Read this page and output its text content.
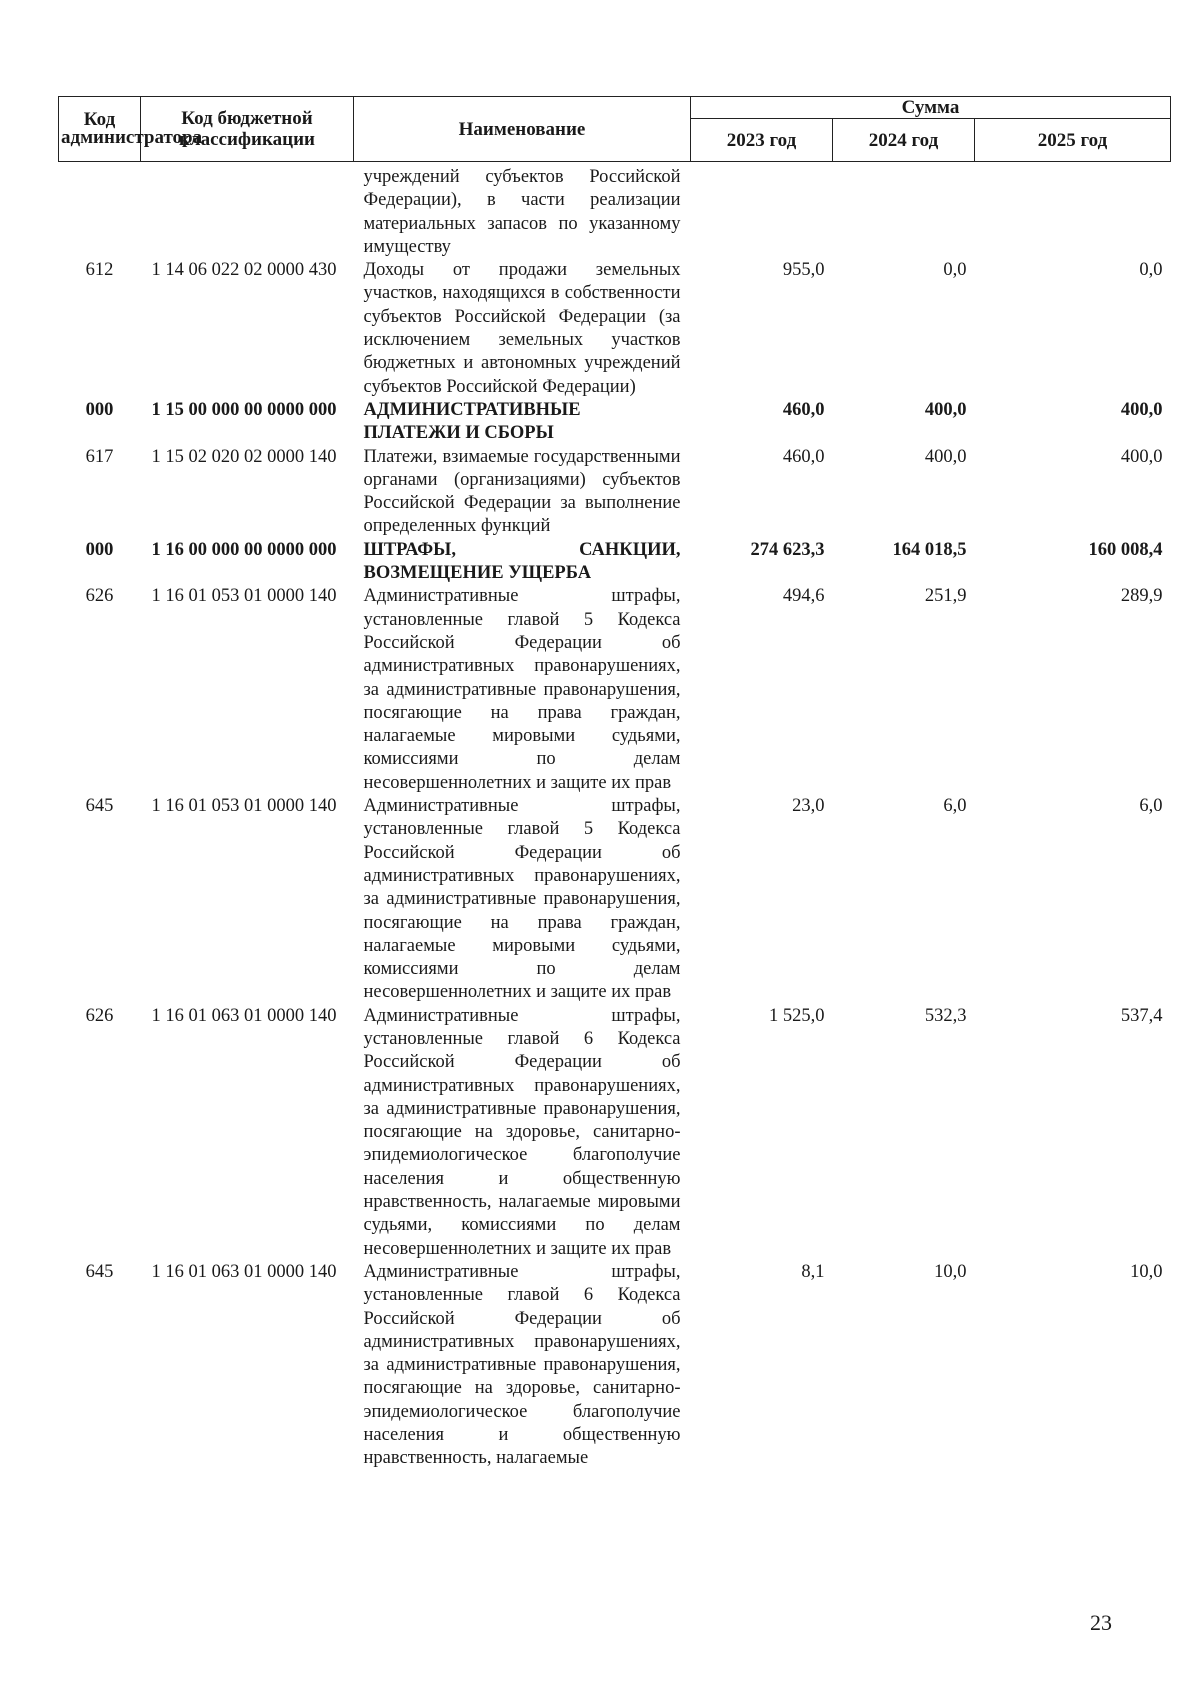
Код администратора	Код бюджетной классификации	Наименование	Сумма		
			2023 год	2024 год	2025 год
		учреждений субъектов Российской Федерации), в части реализации материальных запасов по указанному имуществу			
612	1 14 06 022 02 0000 430	Доходы от продажи земельных участков, находящихся в собственности субъектов Российской Федерации (за исключением земельных участков бюджетных и автономных учреждений субъектов Российской Федерации)	955,0	0,0	0,0
000	1 15 00 000 00 0000 000	АДМИНИСТРАТИВНЫЕ ПЛАТЕЖИ И СБОРЫ	460,0	400,0	400,0
617	1 15 02 020 02 0000 140	Платежи, взимаемые государственными органами (организациями) субъектов Российской Федерации за выполнение определенных функций	460,0	400,0	400,0
000	1 16 00 000 00 0000 000	ШТРАФЫ, САНКЦИИ, ВОЗМЕЩЕНИЕ УЩЕРБА	274 623,3	164 018,5	160 008,4
626	1 16 01 053 01 0000 140	Административные штрафы, установленные главой 5 Кодекса Российской Федерации об административных правонарушениях, за административные правонарушения, посягающие на права граждан, налагаемые мировыми судьями, комиссиями по делам несовершеннолетних и защите их прав	494,6	251,9	289,9
645	1 16 01 053 01 0000 140	Административные штрафы, установленные главой 5 Кодекса Российской Федерации об административных правонарушениях, за административные правонарушения, посягающие на права граждан, налагаемые мировыми судьями, комиссиями по делам несовершеннолетних и защите их прав	23,0	6,0	6,0
626	1 16 01 063 01 0000 140	Административные штрафы, установленные главой 6 Кодекса Российской Федерации об административных правонарушениях, за административные правонарушения, посягающие на здоровье, санитарно-эпидемиологическое благополучие населения и общественную нравственность, налагаемые мировыми судьями, комиссиями по делам несовершеннолетних и защите их прав	1 525,0	532,3	537,4
645	1 16 01 063 01 0000 140	Административные штрафы, установленные главой 6 Кодекса Российской Федерации об административных правонарушениях, за административные правонарушения, посягающие на здоровье, санитарно-эпидемиологическое благополучие населения и общественную нравственность, налагаемые	8,1	10,0	10,0
23
